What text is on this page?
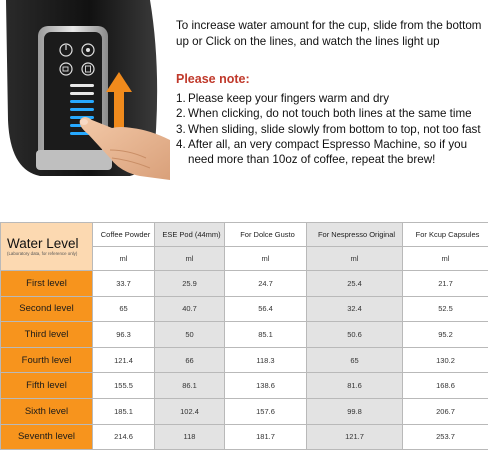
To increase water amount for the cup, slide from the bottom up or Click on the lines, and watch the lines light up
Please note:
1. Please keep your fingers warm and dry
2. When clicking, do not touch both lines at the same time
3. When sliding, slide slowly from bottom to top, not too fast
4. After all, an very compact Espresso Machine, so if you need more than 10oz of coffee, repeat the brew!
Water Level
(Laboratory data, for reference only)	Coffee Powder	ESE Pod (44mm)	For Dolce Gusto	For Nespresso Original	For Kcup Capsules
	ml	ml	ml	ml	ml
First level	33.7	25.9	24.7	25.4	21.7
Second level	65	40.7	56.4	32.4	52.5
Third level	96.3	50	85.1	50.6	95.2
Fourth level	121.4	66	118.3	65	130.2
Fifth level	155.5	86.1	138.6	81.6	168.6
Sixth level	185.1	102.4	157.6	99.8	206.7
Seventh level	214.6	118	181.7	121.7	253.7
